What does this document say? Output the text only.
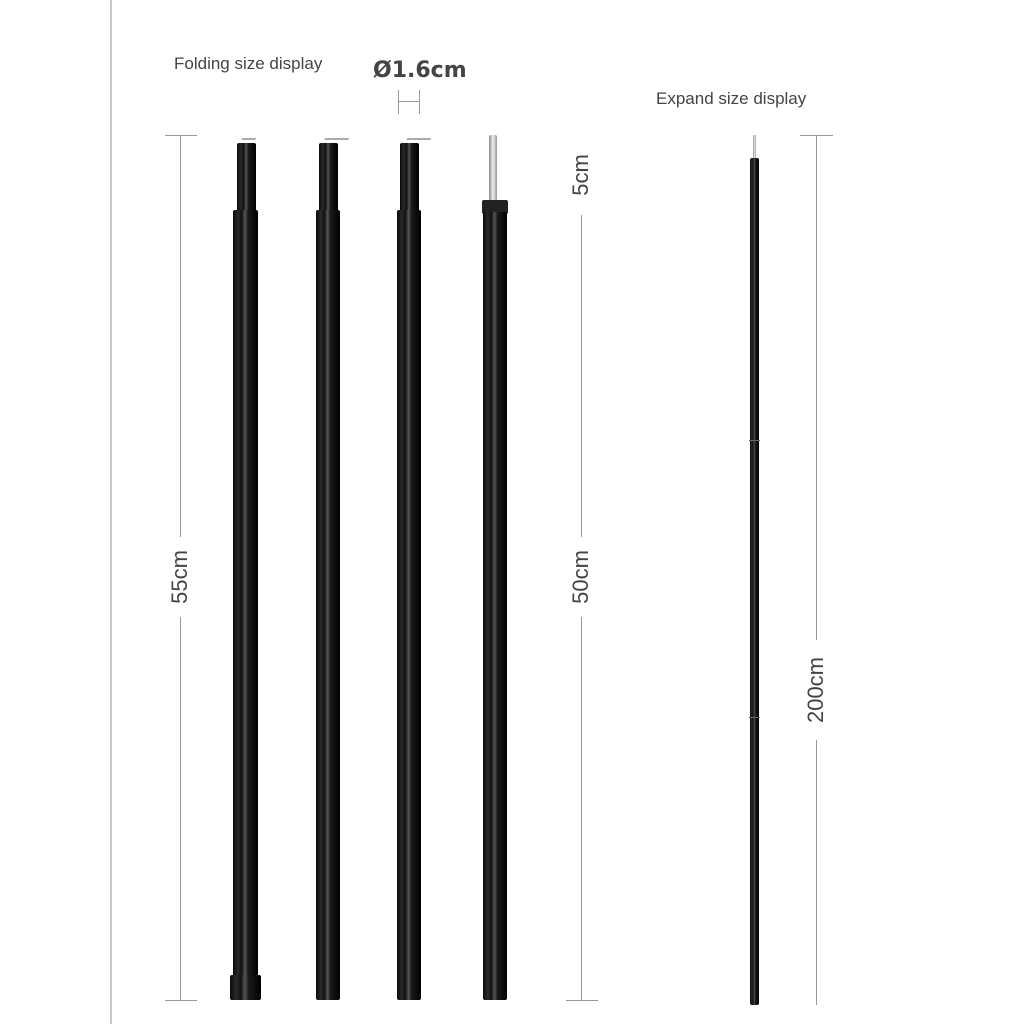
Folding size display
Expand size display
Ø1.6cm
55cm
5cm
50cm
200cm
